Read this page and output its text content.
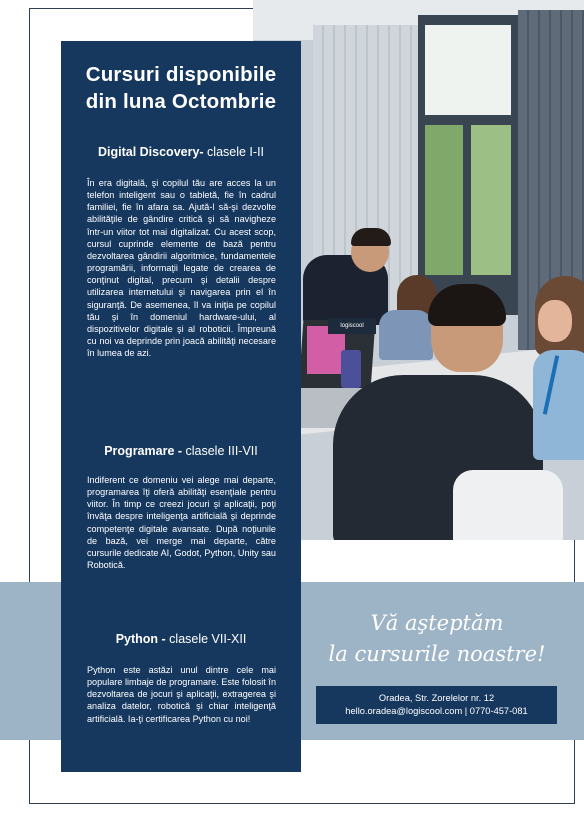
logiscool
Cursuri disponibile din luna Octombrie
Digital Discovery- clasele I-II

În era digitală, şi copilul tău are acces la un telefon inteligent sau o tabletă, fie în cadrul familiei, fie în afara sa. Ajută-l să-şi dezvolte abilităţile de gândire critică şi să navigheze într-un viitor tot mai digitalizat. Cu acest scop, cursul cuprinde elemente de bază pentru dezvoltarea gândirii algoritmice, fundamentele programării, informaţii legate de crearea de conţinut digital, precum şi detalii despre utilizarea internetului şi navigarea prin el în siguranţă. De asemenea, îl va iniţia pe copilul tău şi în domeniul hardware-ului, al dispozitivelor digitale şi al roboticii. Împreună cu noi va deprinde prin joacă abilităţi necesare în lumea de azi.

Programare - clasele III-VII

Indiferent ce domeniu vei alege mai departe, programarea îţi oferă abilităţi esenţiale pentru viitor. În timp ce creezi jocuri şi aplicaţii, poţi învăţa despre inteligenţa artificială şi deprinde competenţe digitale avansate. După noţiunile de bază, vei merge mai departe, către cursurile dedicate AI, Godot, Python, Unity sau Robotică.

Python - clasele VII-XII

Python este astăzi unul dintre cele mai populare limbaje de programare. Este folosit în dezvoltarea de jocuri şi aplicaţii, extragerea şi analiza datelor, robotică şi chiar inteligenţă artificială. Ia-ţi certificarea Python cu noi!

Vă aşteptăm
la cursurile noastre!
Oradea, Str. Zorelelor nr. 12
hello.oradea@logiscool.com | 0770-457-081
